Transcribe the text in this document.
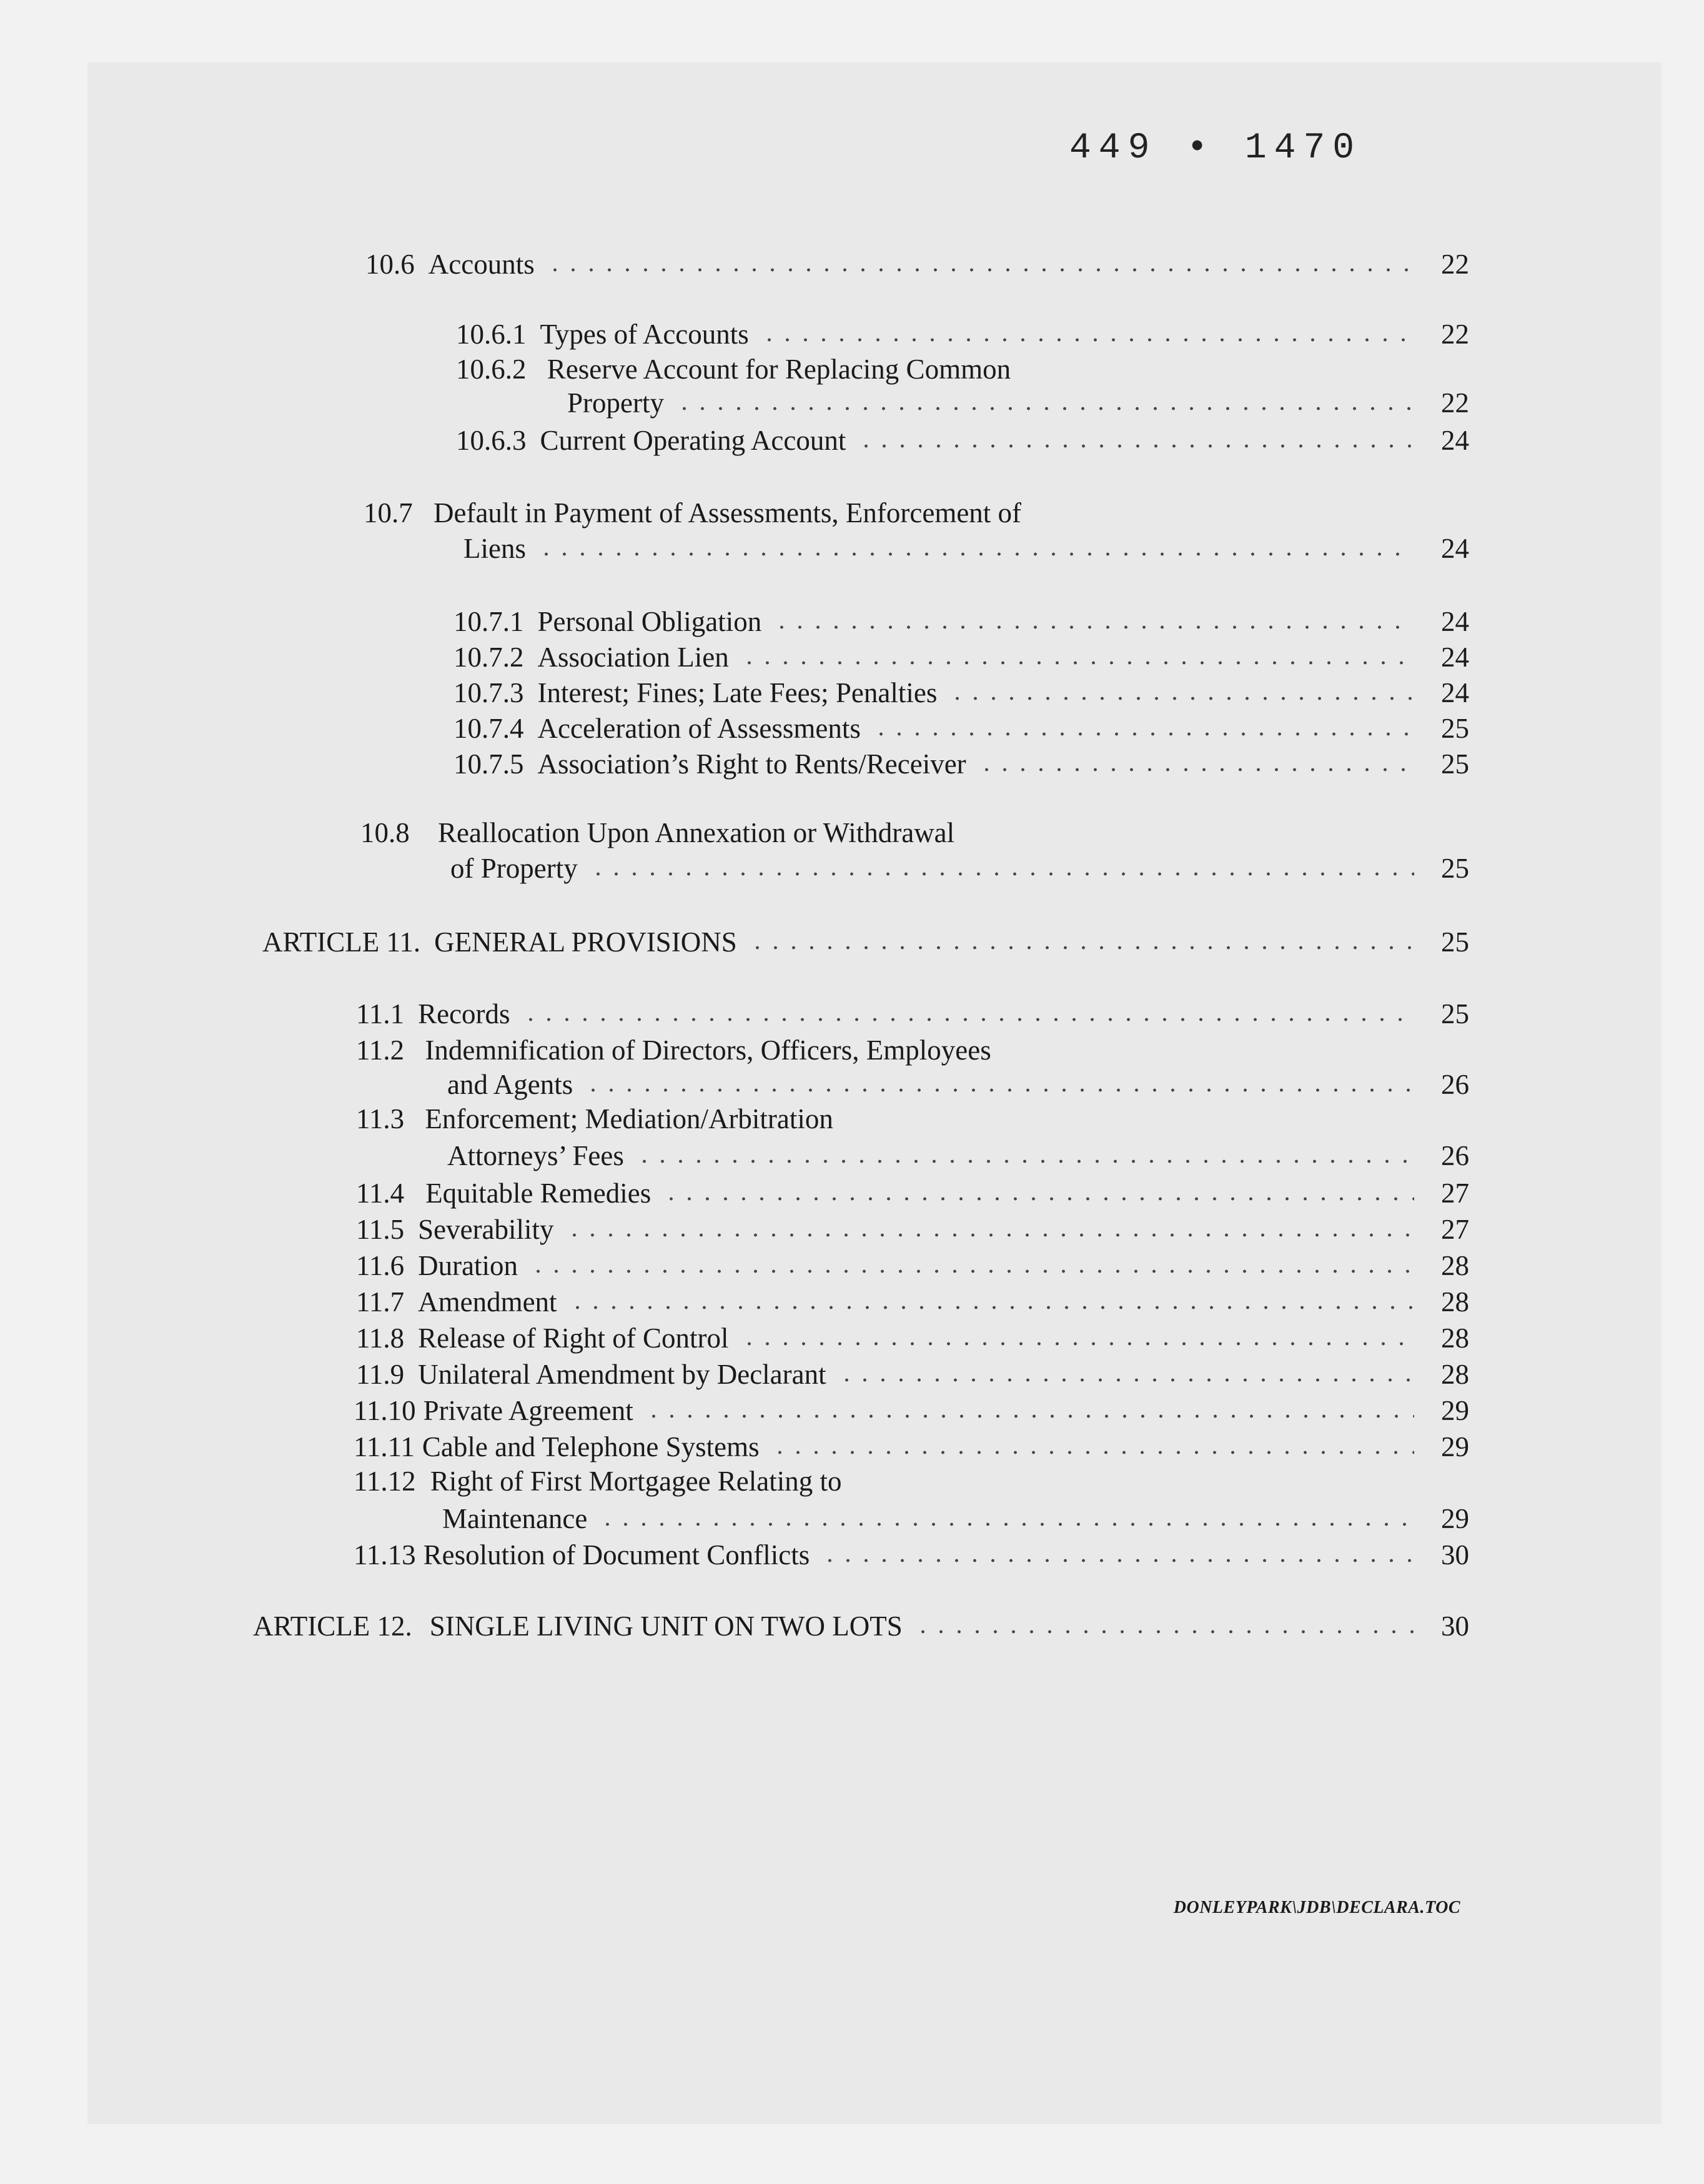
449 • 1470
10.6 Accounts	22
10.6.1 Types of Accounts	22
10.6.2 Reserve Account for Replacing Common
Property	22
10.6.3 Current Operating Account	24
10.7 Default in Payment of Assessments, Enforcement of
Liens	24
10.7.1 Personal Obligation	24
10.7.2 Association Lien	24
10.7.3 Interest; Fines; Late Fees; Penalties	24
10.7.4 Acceleration of Assessments	25
10.7.5 Association’s Right to Rents/Receiver	25
10.8 Reallocation Upon Annexation or Withdrawal
of Property	25
ARTICLE 11. GENERAL PROVISIONS	25
11.1 Records	25
11.2 Indemnification of Directors, Officers, Employees
and Agents	26
11.3 Enforcement; Mediation/Arbitration
Attorneys’ Fees	26
11.4 Equitable Remedies	27
11.5 Severability	27
11.6 Duration	28
11.7 Amendment	28
11.8 Release of Right of Control	28
11.9 Unilateral Amendment by Declarant	28
11.10 Private Agreement	29
11.11 Cable and Telephone Systems	29
11.12 Right of First Mortgagee Relating to
Maintenance	29
11.13 Resolution of Document Conflicts	30
ARTICLE 12. SINGLE LIVING UNIT ON TWO LOTS	30
DONLEYPARK\JDB\DECLARA.TOC
